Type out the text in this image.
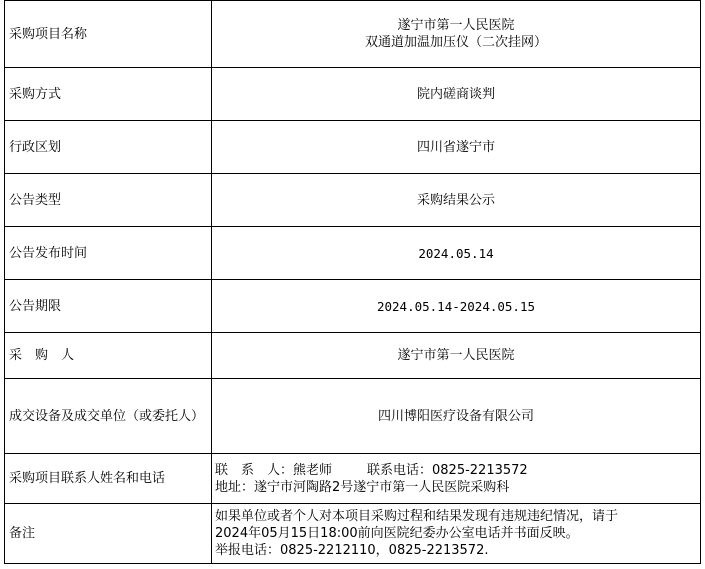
采购项目名称	遂宁市第一人民医院
双通道加温加压仪（二次挂网）

采购方式	院内磋商谈判
行政区划	四川省遂宁市
公告类型	采购结果公示
公告发布时间	2024.05.14
公告期限	2024.05.14-2024.05.15
采　购　人	遂宁市第一人民医院
成交设备及成交单位（或委托人）	四川博阳医疗设备有限公司
采购项目联系人姓名和电话	联　系　人：熊老师 联系电话：0825-2213572
地址：遂宁市河陶路2号遂宁市第一人民医院采购科

备注	如果单位或者个人对本项目采购过程和结果发现有违规违纪情况，请于
2024年05月15日18:00前向医院纪委办公室电话并书面反映。
举报电话：0825-2212110，0825-2213572.
